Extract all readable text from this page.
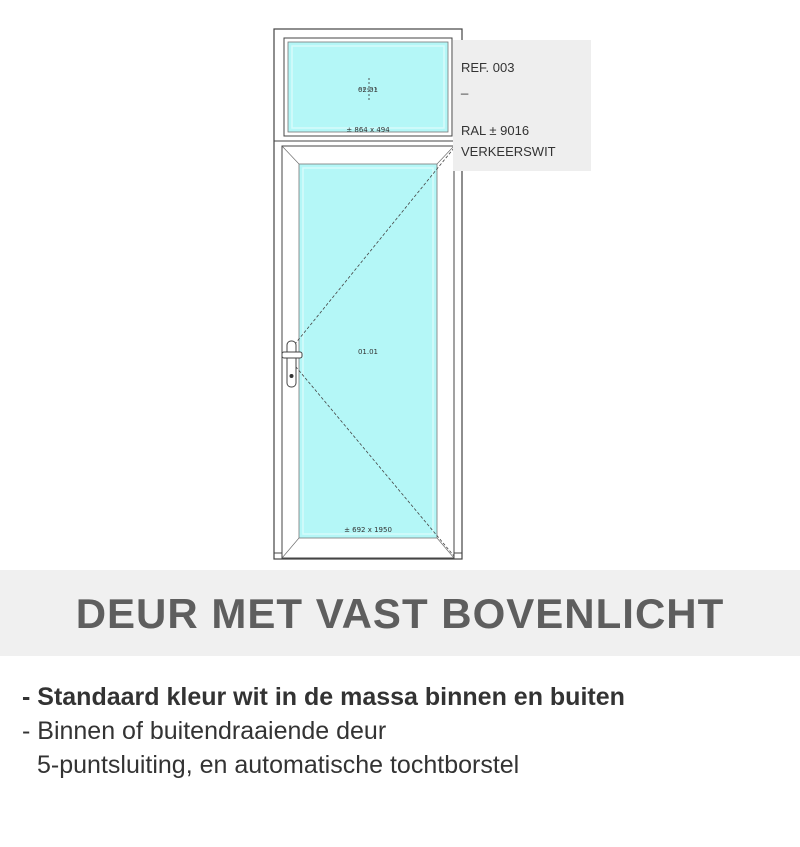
02.01
± 864 x 494
01.01
± 692 x 1950
REF. 003
_
RAL ± 9016
VERKEERSWIT
DEUR MET VAST BOVENLICHT
- Standaard kleur wit in de massa binnen en buiten
- Binnen of buitendraaiende deur
5-puntsluiting, en automatische tochtborstel
